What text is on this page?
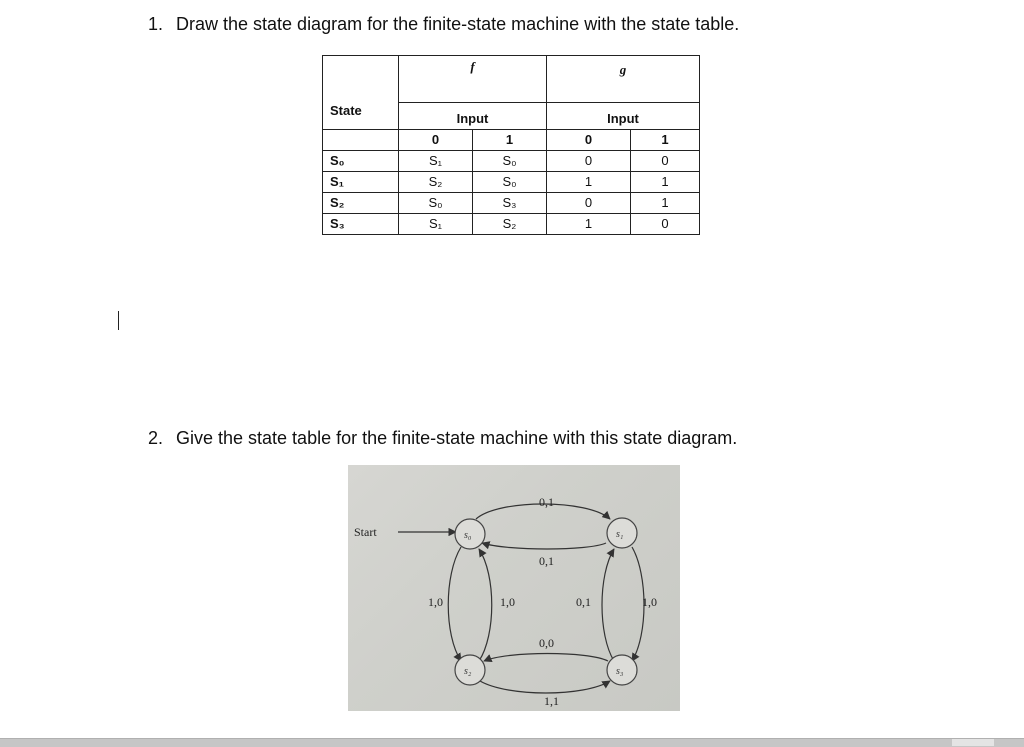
1. Draw the state diagram for the finite-state machine with the state table.
State	f		g	
	Input		Input	
	0	1	0	1
S₀	S₁	S₀	0	0
S₁	S₂	S₀	1	1
S₂	S₀	S₃	0	1
S₃	S₁	S₂	1	0
2. Give the state table for the finite-state machine with this state diagram.
Start
0,1
0,1
1,0	1,0	0,1	1,0
0,0
1,1
s₀	s₁
s₂	s₃
